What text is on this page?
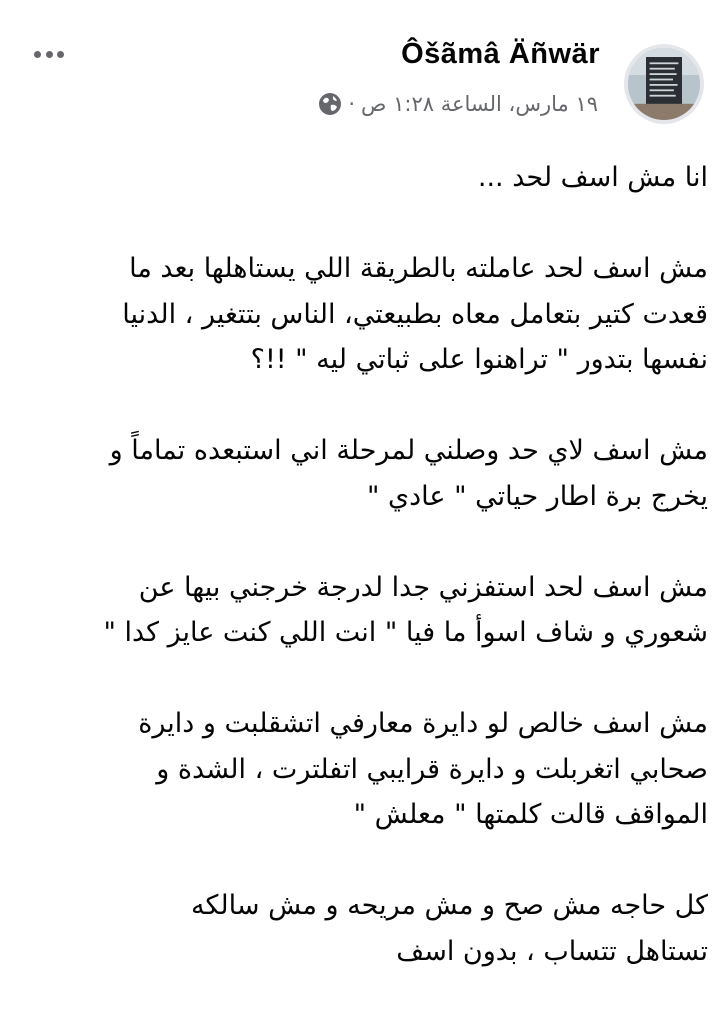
Ôšãmâ Äñwär
١٩ مارس، الساعة ١:٢٨ ص
·

انا مش اسف لحد ...

مش اسف لحد عاملته بالطريقة اللي يستاهلها بعد ما
قعدت كتير بتعامل معاه بطبيعتي، الناس بتتغير ، الدنيا
نفسها بتدور " تراهنوا على ثباتي ليه " !!؟

مش اسف لاي حد وصلني لمرحلة اني استبعده تماماً و
يخرج برة اطار حياتي " عادي "

مش اسف لحد استفزني جدا لدرجة خرجني بيها عن
شعوري و شاف اسوأ ما فيا " انت اللي كنت عايز كدا "

مش اسف خالص لو دايرة معارفي اتشقلبت و دايرة
صحابي اتغربلت و دايرة قرايبي اتفلترت ، الشدة و
المواقف قالت كلمتها " معلش "

كل حاجه مش صح و مش مريحه و مش سالكه
تستاهل تتساب ، بدون اسف
